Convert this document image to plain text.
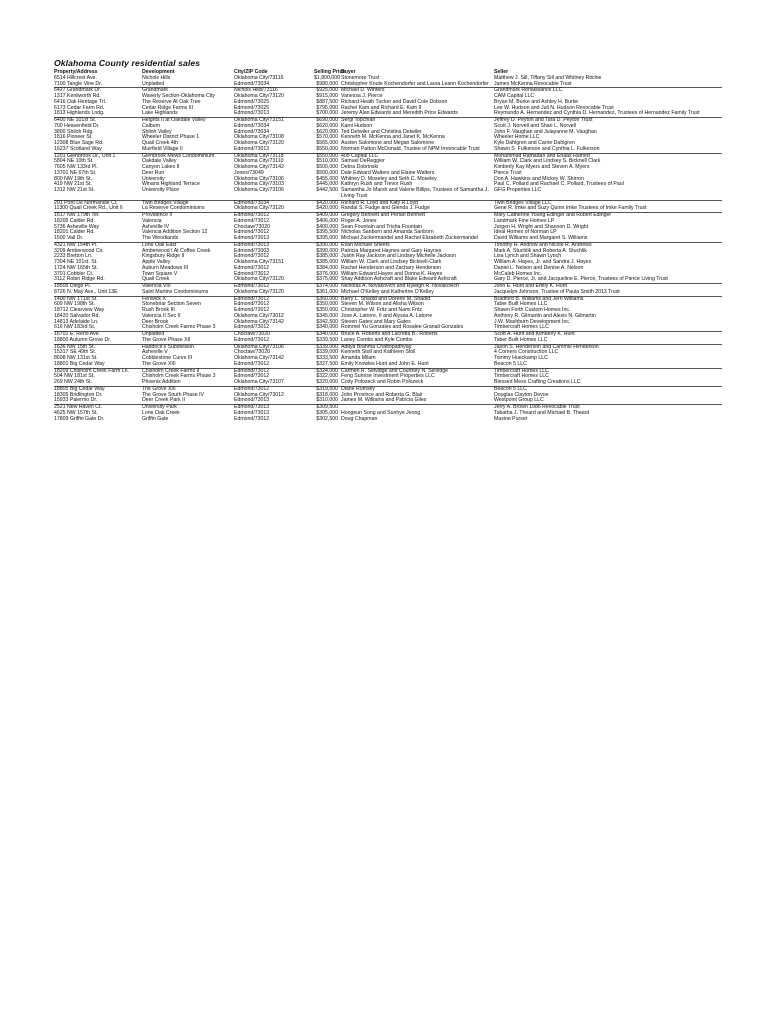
Oklahoma County residential sales
Property/Address	Development	City/ZIP Code	Selling Price	Buyer	Seller
6514 Hillcrest Ave.	Nichols Hills	Oklahoma City/73116	$1,800,000	Stonemore Trust	Matthew J. Sill, Tiffany Sill and Whitney Ritchie
7100 Tangle Vine Dr.	Unplatted	Edmond/73034	$980,000	Christopher Knute Kochendorfer and Laura Leann Kochendorfer	James McKenna Revocable Trust
6427 Grandmark Dr.	Grandmark	Nichols Hills/73116	$925,000	Michael D. Winters	Grandmark Renaissance LLC
1317 Kenilworth Rd.	Waverly Section-Oklahoma City	Oklahoma City/73120	$915,000	Vanessa J. Pierce	CAM Capital LLC
6416 Oak Heritage Trl.	The Reserve At Oak Tree	Edmond/73025	$887,500	Richard Heath Tucker and David Cole Dobson	Bryan M. Burke and Ashley H. Burke
6173 Cedar Farm Rd.	Cedar Ridge Farms III	Edmond/73025	$795,000	Rachel Kam and Richard E. Kam II	Lee W. Hudson and Juli N. Hudson Revocable Trust
1813 Highlands Lndg.	Lake Highlands	Edmond/73013	$700,000	Jeremy Alan Edwards and Meredith Price Edwards	Reymundo A. Hernandez and Cynthia D. Hernandez, Trustees of Hernandez Family Trust
6400 NE 101st St.	Heights II at Oakdale Valley	Oklahoma City/73151	$690,000	Sergi Topchian	Jeffrey D. Peyton and Tara D. Peyton Trust
700 Heavenfield Dr.	Calburn	Edmond/73034	$620,000	Kami Hudson	Scott J. Norvell and Shari L. Norvell
3800 Shiloh Rdg.	Shiloh Valley	Edmond/73034	$620,000	Ted Detwiler and Christina Detwiler	John F. Vaughan and Julayanne M. Vaughan
1816 Pioneer St.	Wheeler District Phase 1	Oklahoma City/73108	$570,000	Kenneth M. McKenna and Janet K. McKenna	Wheeler Home LLC
12308 Blue Sage Rd.	Quail Creek 4th	Oklahoma City/73120	$565,000	Austen Salomone and Megan Salomone	Kyle Dahlgren and Carrie Dahlgren
16237 Scotland Way	Muirfield Village II	Edmond/73013	$550,000	Norman Patton McDonald, Trustee of NPM Irrevocable Trust	Shawn S. Fulkerson and Cynthia L. Fulkerson
1201 Glenbrook Dr., Unit 1	Glenbrook Mews Condominium	Oklahoma City/73118	$550,000	405 Capital LLC	Mohammad Ramadan and Enaas Hamed
5804 NE 10th St.	Oakdale Valley	Oklahoma City/73110	$510,000	Samuel DeReggier	William W. Clark and Lindsey S. Bicknell Clark
7605 NW 133rd Pl.	Canyon Lakes II	Oklahoma City/73142	$500,000	Debra Dobrinski	Kimberly Kay Myers and Steven A. Myers
13701 NE 67th St.	Deer Run	Jones/73049	$500,000	Dale Edward Walters and Elaine Walters	Pierce Trust
800 NW 19th St.	University	Oklahoma City/73106	$455,000	Whitney D. Moseley and Seth C. Moseley	Don A. Hawkins and Mickey W. Shirron
419 NW 21st St.	Winans Highland Terrace	Oklahoma City/73103	$445,000	Kathryn Rush and Trevor Rush	Paul C. Pollard and Rachael C. Pollard, Trustees of Paul
1312 NW 21st St.	University Place	Oklahoma City/73106	$442,500	Samantha Jo Marsh and Valerie Billips, Trustees of Samantha J. Living Trust	GFG Properties LLC
201 Pont De Normandie Ct.	Twin Bridges Village	Edmond/73034	$420,000	Richard R. Loyd and Katy R.Loyd	Twin Bridges Village LLC
11300 Quail Creek Rd., Unit 6	La Reserve Condominiums	Oklahoma City/73120	$420,000	Randal S. Fudge and Glenda J. Fudge	Gene R. Imke and Suzy Quinn Imke Trustees of Imke Family Trust
1617 NW 179th Ter.	Providence II	Edmond/73012	$409,000	Gregory Bennett and Perian Bennett	Mary Catherine Young Edinger and Robert Edinger
18205 Calder Rd.	Valencia	Edmond/73012	$406,000	Roger A. Jones	Landmark Fine Homes LP
5736 Asheville Way	Asheville IV	Choctaw/73020	$400,000	Sean Fountain and Trisha Fountain	Jurgen H. Wright and Shannon D. Wright
18201 Calder Rd.	Valencia Addition Section 12	Edmond/73012	$395,500	Nicholas Sanborn and Amanda Sanborn	Ideal Homes of Norman LP
1500 Vail Dr.	The Woodlands	Edmond/73013	$395,000	Michael Zuckermandel and Rachel Elizabeth Zuckermandel	David Williams and Margaret S. Williams
4321 NW 154th Pl.	Lone Oak East	Edmond/73013	$390,000	Evan Michael Sheets	Timothy H. Andrew and Nicole R. Andrews
3209 Amberwood Cir.	Amberwood I At Coffee Creek	Edmond/73003	$390,000	Patricia Margaret Haynes and Gary Haynes	Mark A. Stuchlik and Roberta A. Stuchlik
2233 Bretton Ln.	Kingsbury Ridge II	Edmond/73012	$385,000	Justin Ray Jackson and Lindsey Michelle Jackson	Lisa Lynch and Shawn Lynch
7304 NE 101st. St.	Apple Valley	Oklahoma City/73151	$385,000	William W. Clark and Lindsey Bicknell-Clark	William A. Hayes, Jr. and Sandra J. Hayes
1724 NW 165th St.	Auburn Meadows III	Edmond/73012	$384,000	Rachel Henderson and Zachary Henderson	Daniel L. Nelson and Denise A. Nelson
3701 Cobbler Ct.	Town Square V	Edmond/73012	$376,000	William Edward Hayes and Donna K. Hayes	McCaleb Homes Inc.
3112 Robin Ridge Rd.	Quail Creek	Oklahoma City/73120	$375,000	Shay Addison Ashcraft and Blake Edward Ashcraft	Gary D. Pierce, Jr. and Jacqueline E. Pierce, Trustees of Pierce Living Trust
18505 Diego Pl.	Valencia VIII	Edmond/73012	$374,000	Nicholas A. Novakovich and Ryleigh R. Novakovich	John E. Hunt and Emily K. Hunt
8726 N. May Ave., Unit 13E	Saint Martins Condominiums	Oklahoma City/73120	$361,000	Michael O'Kelley and Katherine O'Kelley	Jacquelyn Johnson, Trustee of Paula Smith 2013 Trust
1400 NW 171st St.	Fenwick X	Edmond/73012	$360,000	Barry L. Shadid and Dorene M. Shadid	Bradford B. Williams and Jerri Williams
609 NW 198th St.	Stonebriar Section Seven	Edmond/73012	$350,000	Steven M. Wilson and Alisha Wilson	Taber Built Homes LLC
18712 Clearview Way	Rush Brook III	Edmond/73012	$350,000	Christopher W. Fritz and Nami Fritz	Shawn Forth Custom Homes Inc.
18420 Salvador Rd.	Valencia II Sec II	Oklahoma City/73012	$345,000	Jose A. Latorre, II and Alyssa A. Latorre	Anthony R. Gilmartin and Alexis N. Gilmartin
14813 Adelaide Ln.	Deer Brook	Oklahoma City/73142	$342,500	Steven Gates and Mary Gates	J.W. Mashburn Development Inc.
616 NW 183rd St.	Chisholm Creek Farms Phase 3	Edmond/73012	$340,000	Rommel Yu Gonzales and Rosalee Granali Gonzales	Timbercraft Homes LLC
16701 E. Reno Ave.	Unplatted	Choctaw/73020	$340,000	Bruce A. Roberts and Lacretia B.. Roberts	Scott A. Hunt and Kimberly K. Hunt
18800 Autumn Grove Dr.	The Grove Phase XII	Edmond/73012	$339,500	Laney Combs and Kyle Combs	Taber Built Homes LLC
1636 NW 15th St.	Haddock's Subdivision	Oklahoma City/73106	$339,000	Aditya Brahma Chattopadhyay	Jason S. Henderson and Cammie Henderson
15317 SE 49th St.	Asheville V	Choctaw/73020	$339,000	Kenneth Stoll and Kathleen Stoll	4 Corners Construction LLC
8608 NW 131st St.	Cobblestone Curve III	Oklahoma City/73142	$333,500	Amanda Milam	Tommy Hueckamp LLC
18801 Big Cedar Way	The Grove XIII	Edmond/73012	$327,500	Emily Knowles Hunt and John E. Hunt	Beacon 5 LLC
18209 Chisholm Creek Farm Ln.	Chisholm Creek Farms II	Edmond/73012	$324,000	Carmen R. Selvidge and Courtney N. Selvidge	Timbercraft Homes LLC
504 NW 181st St.	Chisholm Creek Farms Phase 3	Edmond/73012	$322,000	Feng Sunrise Investment Properties LLC	Timbercraft Homes LLC
269 NW 24th St.	Phoenix Addition	Oklahoma City/73107	$320,000	Cody Polozeck and Robin Polozeck	Blessed Mess Crafting Creations LLC
18805 Big Cedar Way	The Grove XIII	Edmond/73012	$319,500	Diane Rumsey	Beacon 5 LLC
18305 Bridlington Dr.	The Grove South Phase IV	Oklahoma City/73012	$318,000	John Province and Roberta G. Blair	Douglas Clayton Devoe
15933 Palermo Dr.	Deer Creek Park II	Edmond/73013	$310,000	James M. Williams and Patricia Giles	Westpoint Group LLC
2521 New Haven Ct.	University Park	Edmond/73013	$309,500		Jerry A. Brown 1986 Revocable Trust
4625 NW 157th St.	Lone Oak Creek	Edmond/73013	$305,000	Hoogeun Song and Sunhye Jeong	Tabatha J. Theard and Michael B. Theard
17809 Griffin Gate Dr.	Griffin Gate	Edmond/73012	$302,500	Doug Chapman	Maxine Purser
